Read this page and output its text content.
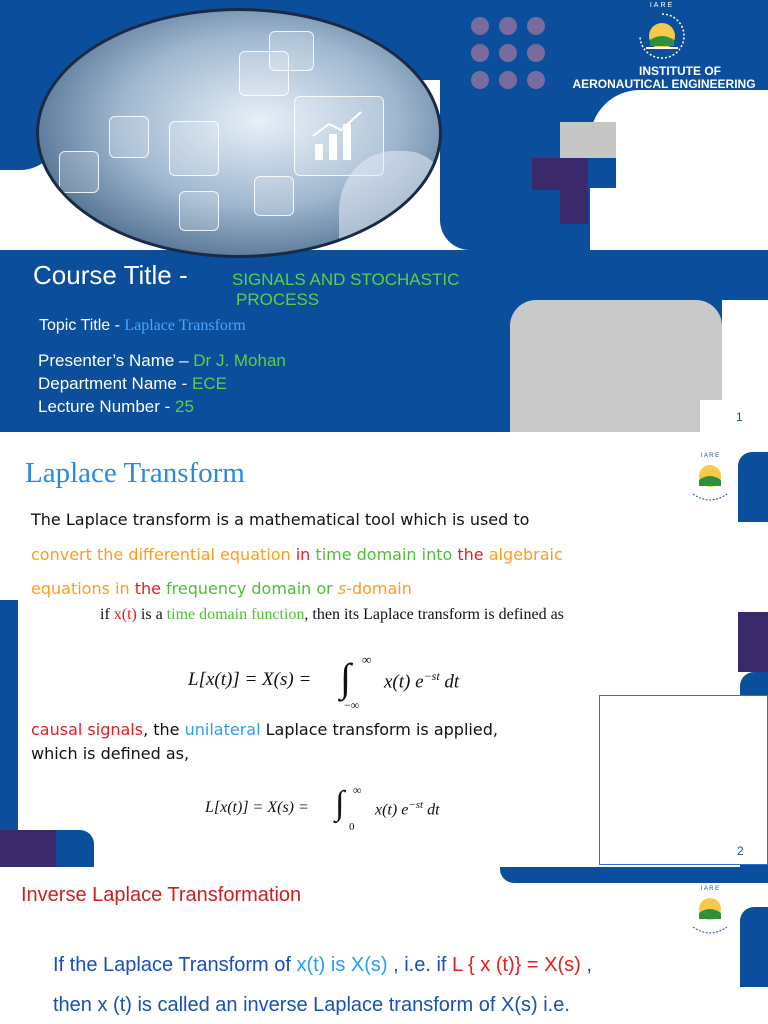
IARE
INSTITUTE OF
AERONAUTICAL ENGINEERING
Course Title -	SIGNALS AND STOCHASTIC
PROCESS
Topic Title - Laplace Transform
Presenter’s Name – Dr J. Mohan
Department Name - ECE
Lecture Number - 25
1
I A R E
Laplace Transform
The Laplace transform is a mathematical tool which is used to
convert the differential equation in time domain into the algebraic
equations in the frequency domain or s-domain
if x(t) is a time domain function, then its Laplace transform is defined as
L[x(t)] = X(s) = ∫ ∞
−∞
x(t) $e^{-st}$ dt
causal signals, the unilateral Laplace transform is applied,
which is defined as,
L[x(t)] = X(s) = ∫ ∞
0
x(t) $e^{-st}$ dt
2
I A R E
Inverse Laplace Transformation
If the Laplace Transform of x(t) is X(s) , i.e. if L { x (t)} = X(s) ,
then x (t) is called an inverse Laplace transform of X(s) i.e.
